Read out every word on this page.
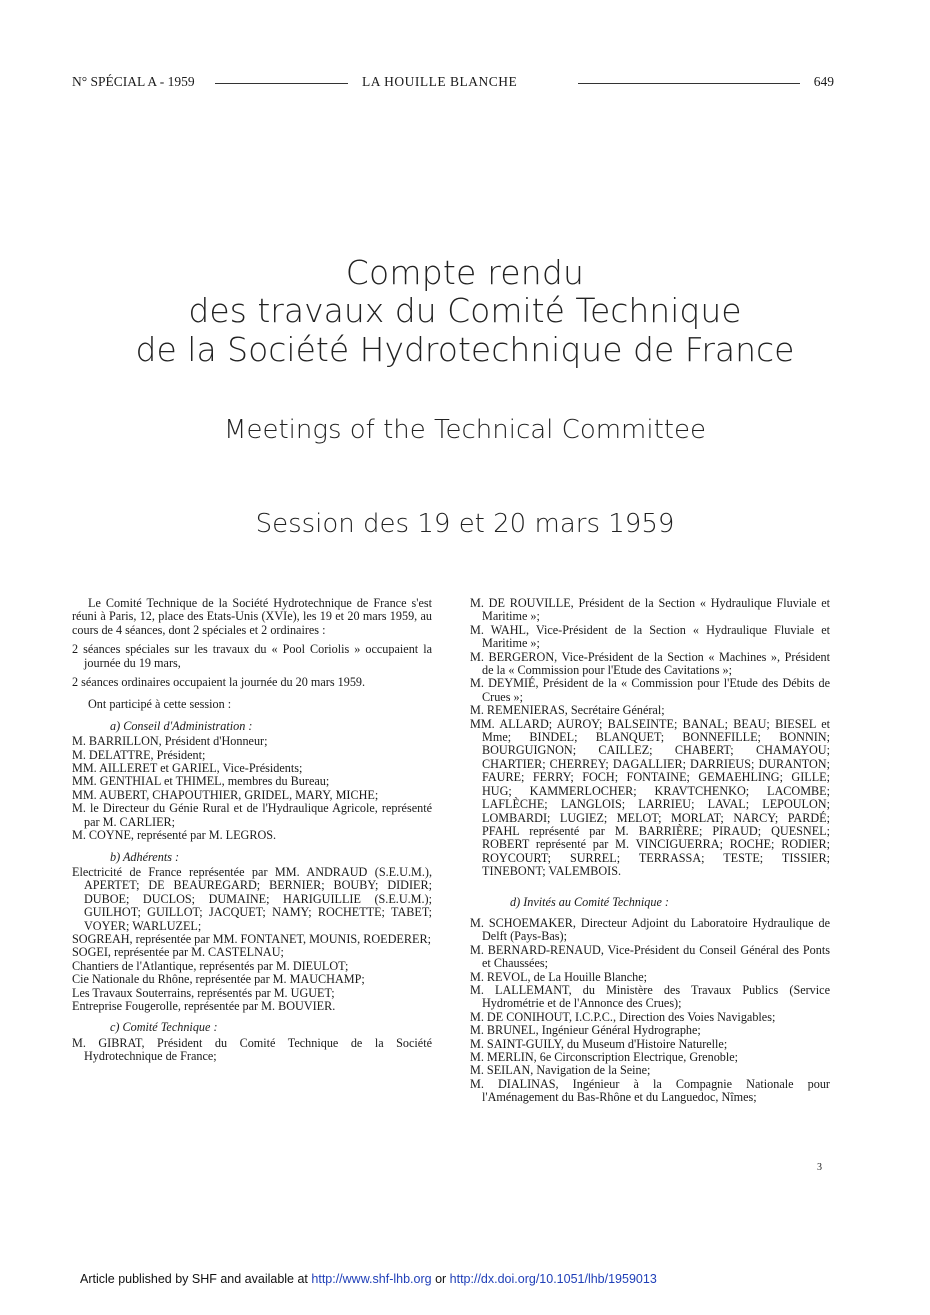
N° SPÉCIAL A - 1959	LA HOUILLE BLANCHE	649
Compte rendu
des travaux du Comité Technique
de la Société Hydrotechnique de France
Meetings of the Technical Committee
Session des 19 et 20 mars 1959

Le Comité Technique de la Société Hydrotechnique de France s'est réuni à Paris, 12, place des Etats-Unis (XVIe), les 19 et 20 mars 1959, au cours de 4 séances, dont 2 spéciales et 2 ordinaires :

2 séances spéciales sur les travaux du « Pool Coriolis » occupaient la journée du 19 mars,

2 séances ordinaires occupaient la journée du 20 mars 1959.

Ont participé à cette session :

a) Conseil d'Administration :

M. BARRILLON, Président d'Honneur;

M. DELATTRE, Président;

MM. AILLERET et GARIEL, Vice-Présidents;

MM. GENTHIAL et THIMEL, membres du Bureau;

MM. AUBERT, CHAPOUTHIER, GRIDEL, MARY, MICHE;

M. le Directeur du Génie Rural et de l'Hydraulique Agricole, représenté par M. CARLIER;

M. COYNE, représenté par M. LEGROS.

b) Adhérents :

Electricité de France représentée par MM. ANDRAUD (S.E.U.M.), APERTET; DE BEAUREGARD; BERNIER; BOUBY; DIDIER; DUBOE; DUCLOS; DUMAINE; HARIGUILLIE (S.E.U.M.); GUILHOT; GUILLOT; JACQUET; NAMY; ROCHETTE; TABET; VOYER; WARLUZEL;

SOGREAH, représentée par MM. FONTANET, MOUNIS, ROEDERER;

SOGEI, représentée par M. CASTELNAU;

Chantiers de l'Atlantique, représentés par M. DIEULOT;

Cie Nationale du Rhône, représentée par M. MAUCHAMP;

Les Travaux Souterrains, représentés par M. UGUET;

Entreprise Fougerolle, représentée par M. BOUVIER.

c) Comité Technique :

M. GIBRAT, Président du Comité Technique de la Société Hydrotechnique de France;

M. DE ROUVILLE, Président de la Section « Hydraulique Fluviale et Maritime »;

M. WAHL, Vice-Président de la Section « Hydraulique Fluviale et Maritime »;

M. BERGERON, Vice-Président de la Section « Machines », Président de la « Commission pour l'Etude des Cavitations »;

M. DEYMIÉ, Président de la « Commission pour l'Etude des Débits de Crues »;

M. REMENIERAS, Secrétaire Général;

MM. ALLARD; AUROY; BALSEINTE; BANAL; BEAU; BIESEL et Mme; BINDEL; BLANQUET; BONNEFILLE; BONNIN; BOURGUIGNON; CAILLEZ; CHABERT; CHAMAYOU; CHARTIER; CHERREY; DAGALLIER; DARRIEUS; DURANTON; FAURE; FERRY; FOCH; FONTAINE; GEMAEHLING; GILLE; HUG; KAMMERLOCHER; KRAVTCHENKO; LACOMBE; LAFLÈCHE; LANGLOIS; LARRIEU; LAVAL; LEPOULON; LOMBARDI; LUGIEZ; MELOT; MORLAT; NARCY; PARDÉ; PFAHL représenté par M. BARRIÈRE; PIRAUD; QUESNEL; ROBERT représenté par M. VINCIGUERRA; ROCHE; RODIER; ROYCOURT; SURREL; TERRASSA; TESTE; TISSIER; TINEBONT; VALEMBOIS.

d) Invités au Comité Technique :

M. SCHOEMAKER, Directeur Adjoint du Laboratoire Hydraulique de Delft (Pays-Bas);

M. BERNARD-RENAUD, Vice-Président du Conseil Général des Ponts et Chaussées;

M. REVOL, de La Houille Blanche;

M. LALLEMANT, du Ministère des Travaux Publics (Service Hydrométrie et de l'Annonce des Crues);

M. DE CONIHOUT, I.C.P.C., Direction des Voies Navigables;

M. BRUNEL, Ingénieur Général Hydrographe;

M. SAINT-GUILY, du Museum d'Histoire Naturelle;

M. MERLIN, 6e Circonscription Electrique, Grenoble;

M. SEILAN, Navigation de la Seine;

M. DIALINAS, Ingénieur à la Compagnie Nationale pour l'Aménagement du Bas-Rhône et du Languedoc, Nîmes;

3
Article published by SHF and available at http://www.shf-lhb.org or http://dx.doi.org/10.1051/lhb/1959013
